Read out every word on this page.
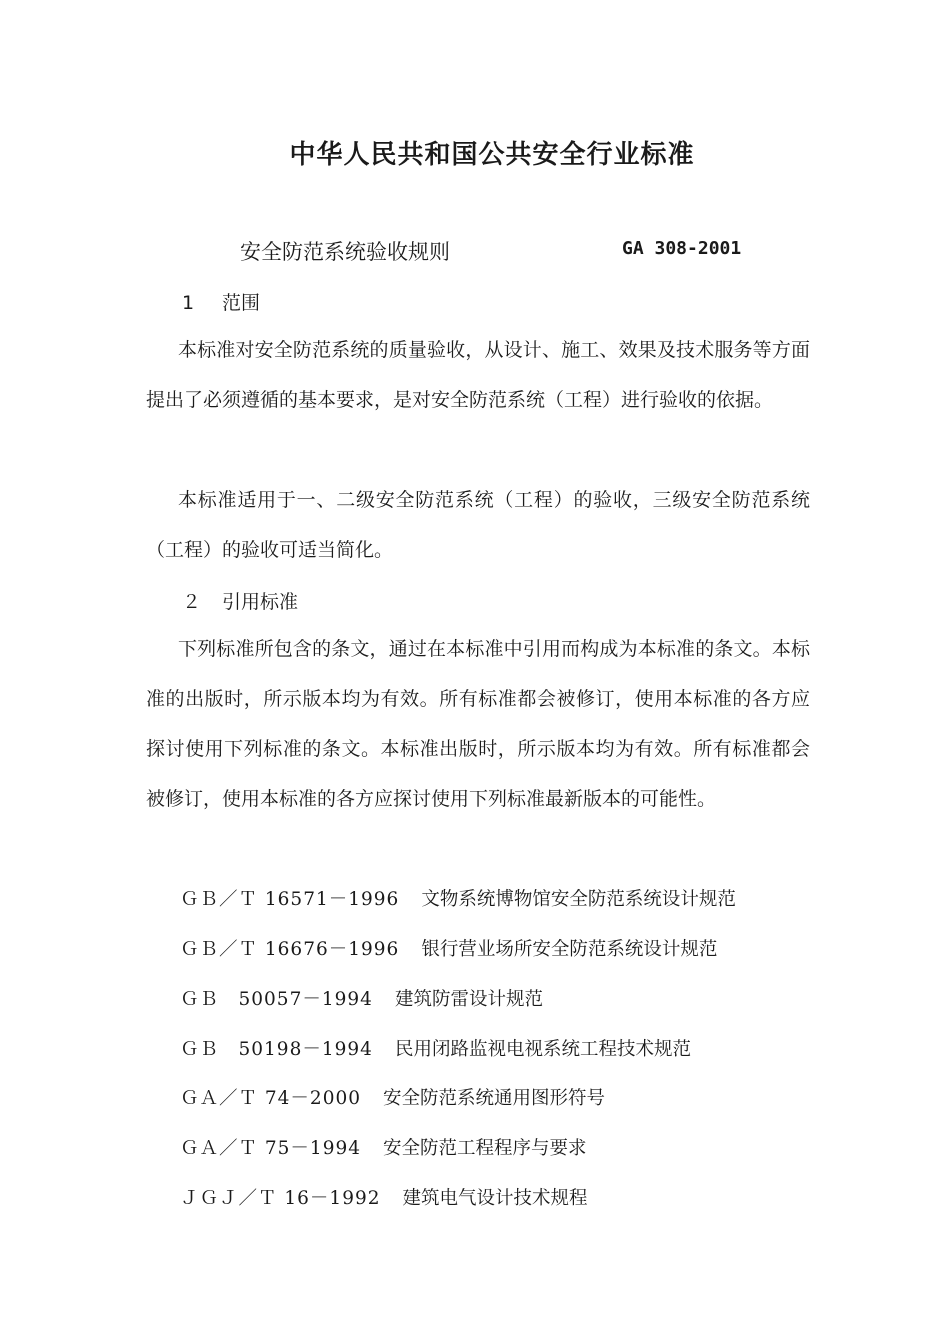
中华人民共和国公共安全行业标准
安全防范系统验收规则	GA 308-2001
1 范围

本标准对安全防范系统的质量验收，从设计、施工、效果及技术服务等方面提出了必须遵循的基本要求，是对安全防范系统（工程）进行验收的依据。

本标准适用于一、二级安全防范系统（工程）的验收，三级安全防范系统（工程）的验收可适当简化。

２ 引用标准

下列标准所包含的条文，通过在本标准中引用而构成为本标准的条文。本标准的出版时，所示版本均为有效。所有标准都会被修订，使用本标准的各方应探讨使用下列标准的条文。本标准出版时，所示版本均为有效。所有标准都会被修订，使用本标准的各方应探讨使用下列标准最新版本的可能性。

ＧＢ／Ｔ 16571－1996 文物系统博物馆安全防范系统设计规范
ＧＢ／Ｔ 16676－1996 银行营业场所安全防范系统设计规范
ＧＢ　50057－1994 建筑防雷设计规范
ＧＢ　50198－1994 民用闭路监视电视系统工程技术规范
ＧＡ／Ｔ 74－2000 安全防范系统通用图形符号
ＧＡ／Ｔ 75－1994 安全防范工程程序与要求
ＪＧＪ／Ｔ 16－1992 建筑电气设计技术规程
